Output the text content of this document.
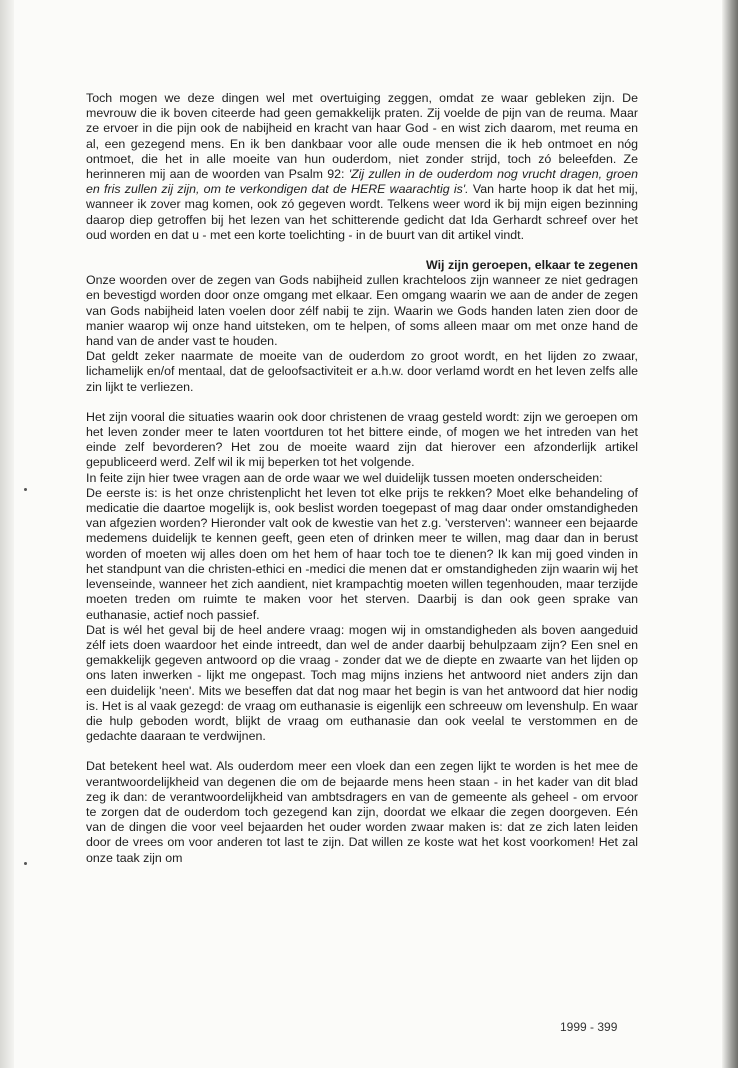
Toch mogen we deze dingen wel met overtuiging zeggen, omdat ze waar gebleken zijn. De mevrouw die ik boven citeerde had geen gemakkelijk praten. Zij voelde de pijn van de reuma. Maar ze ervoer in die pijn ook de nabijheid en kracht van haar God - en wist zich daarom, met reuma en al, een gezegend mens. En ik ben dankbaar voor alle oude mensen die ik heb ontmoet en nóg ontmoet, die het in alle moeite van hun ouderdom, niet zonder strijd, toch zó beleefden. Ze herinneren mij aan de woorden van Psalm 92: 'Zij zullen in de ouderdom nog vrucht dragen, groen en fris zullen zij zijn, om te verkondigen dat de HERE waarachtig is'. Van harte hoop ik dat het mij, wanneer ik zover mag komen, ook zó gegeven wordt. Telkens weer word ik bij mijn eigen bezinning daarop diep getroffen bij het lezen van het schitterende gedicht dat Ida Gerhardt schreef over het oud worden en dat u - met een korte toelichting - in de buurt van dit artikel vindt.

Wij zijn geroepen, elkaar te zegenen

Onze woorden over de zegen van Gods nabijheid zullen krachteloos zijn wanneer ze niet gedragen en bevestigd worden door onze omgang met elkaar. Een omgang waarin we aan de ander de zegen van Gods nabijheid laten voelen door zélf nabij te zijn. Waarin we Gods handen laten zien door de manier waarop wij onze hand uitsteken, om te helpen, of soms alleen maar om met onze hand de hand van de ander vast te houden.

Dat geldt zeker naarmate de moeite van de ouderdom zo groot wordt, en het lijden zo zwaar, lichamelijk en/of mentaal, dat de geloofsactiviteit er a.h.w. door verlamd wordt en het leven zelfs alle zin lijkt te verliezen.

Het zijn vooral die situaties waarin ook door christenen de vraag gesteld wordt: zijn we geroepen om het leven zonder meer te laten voortduren tot het bittere einde, of mogen we het intreden van het einde zelf bevorderen? Het zou de moeite waard zijn dat hierover een afzonderlijk artikel gepubliceerd werd. Zelf wil ik mij beperken tot het volgende.

In feite zijn hier twee vragen aan de orde waar we wel duidelijk tussen moeten onderscheiden:

De eerste is: is het onze christenplicht het leven tot elke prijs te rekken? Moet elke behandeling of medicatie die daartoe mogelijk is, ook beslist worden toegepast of mag daar onder omstandigheden van afgezien worden? Hieronder valt ook de kwestie van het z.g. 'versterven': wanneer een bejaarde medemens duidelijk te kennen geeft, geen eten of drinken meer te willen, mag daar dan in berust worden of moeten wij alles doen om het hem of haar toch toe te dienen? Ik kan mij goed vinden in het standpunt van die christen-ethici en -medici die menen dat er omstandigheden zijn waarin wij het levenseinde, wanneer het zich aandient, niet krampachtig moeten willen tegenhouden, maar terzijde moeten treden om ruimte te maken voor het sterven. Daarbij is dan ook geen sprake van euthanasie, actief noch passief.

Dat is wél het geval bij de heel andere vraag: mogen wij in omstandigheden als boven aangeduid zélf iets doen waardoor het einde intreedt, dan wel de ander daarbij behulpzaam zijn? Een snel en gemakkelijk gegeven antwoord op die vraag - zonder dat we de diepte en zwaarte van het lijden op ons laten inwerken - lijkt me ongepast. Toch mag mijns inziens het antwoord niet anders zijn dan een duidelijk 'neen'. Mits we beseffen dat dat nog maar het begin is van het antwoord dat hier nodig is. Het is al vaak gezegd: de vraag om euthanasie is eigenlijk een schreeuw om levenshulp. En waar die hulp geboden wordt, blijkt de vraag om euthanasie dan ook veelal te verstommen en de gedachte daaraan te verdwijnen.

Dat betekent heel wat. Als ouderdom meer een vloek dan een zegen lijkt te worden is het mee de verantwoordelijkheid van degenen die om de bejaarde mens heen staan - in het kader van dit blad zeg ik dan: de verantwoordelijkheid van ambtsdragers en van de gemeente als geheel - om ervoor te zorgen dat de ouderdom toch gezegend kan zijn, doordat we elkaar die zegen doorgeven. Eén van de dingen die voor veel bejaarden het ouder worden zwaar maken is: dat ze zich laten leiden door de vrees om voor anderen tot last te zijn. Dat willen ze koste wat het kost voorkomen! Het zal onze taak zijn om

1999 - 399
